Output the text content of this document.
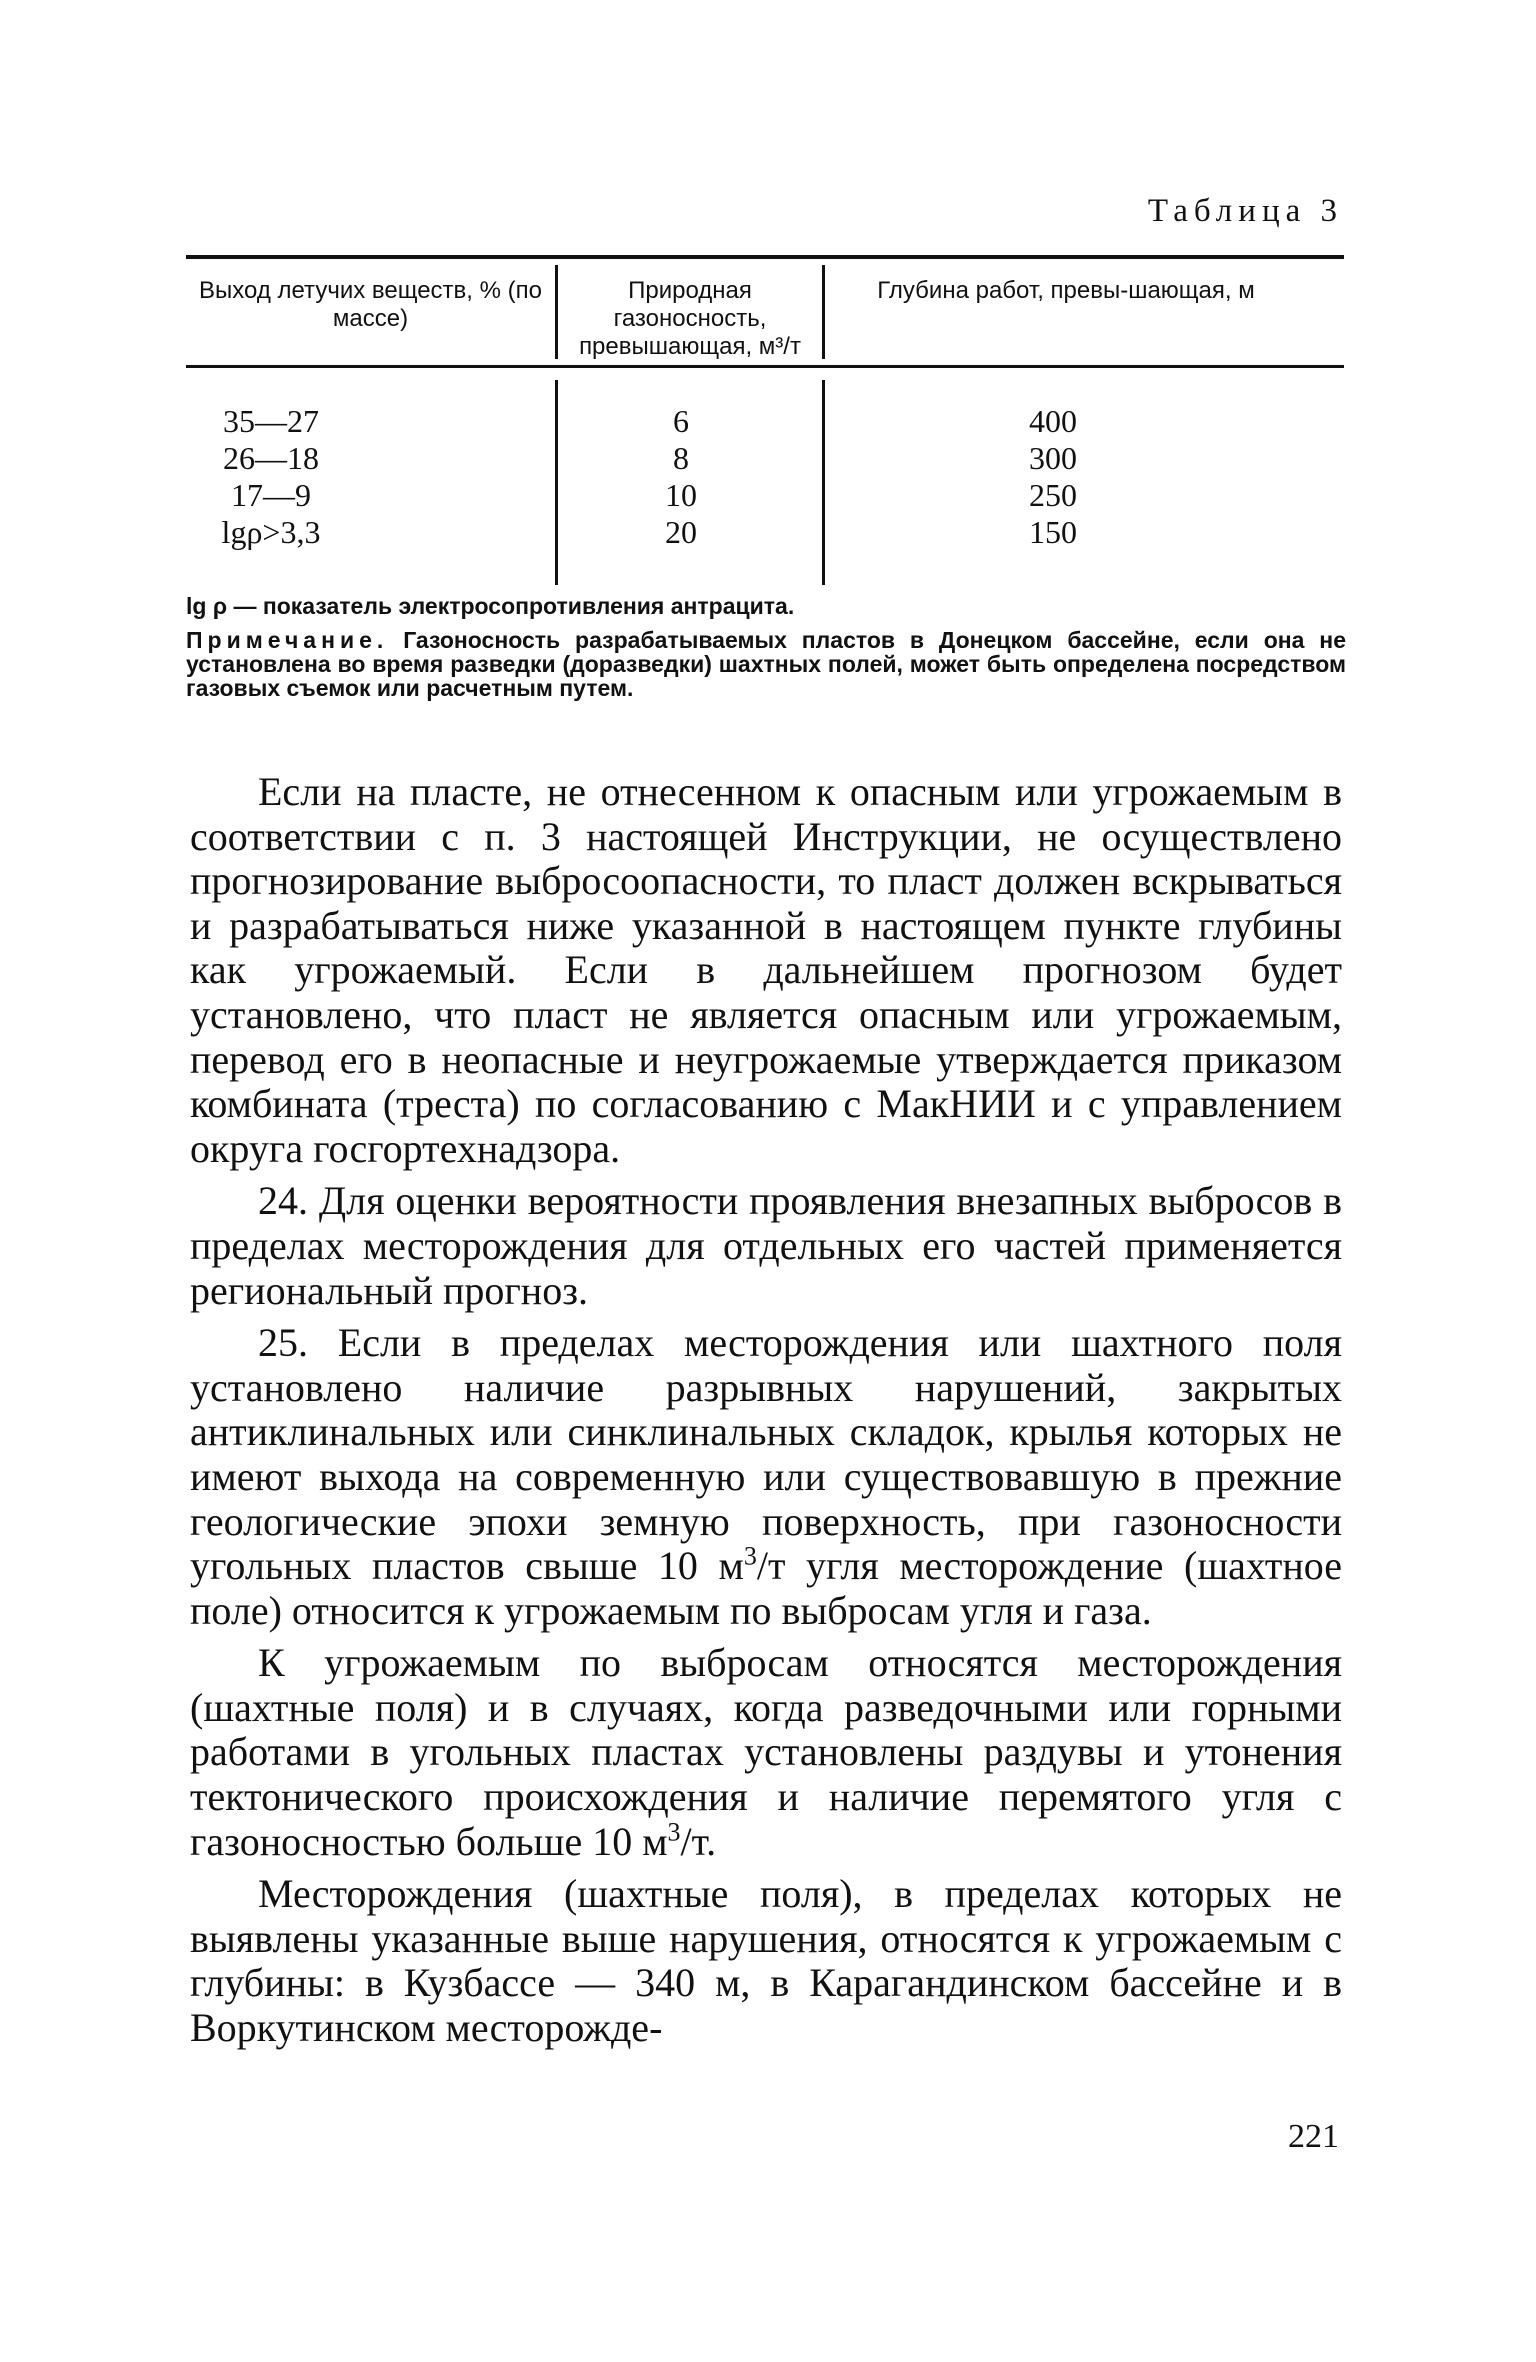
Таблица 3
Выход летучих веществ, % (по массе)
Природная газоносность, превышающая, м³/т
Глубина работ, превы-шающая, м
35—27
26—18
17—9
lgρ>3,3
6
8
10
20
400
300
250
150
lg ρ — показатель электросопротивления антрацита.
Примечание. Газоносность разрабатываемых пластов в Донецком бассейне, если она не установлена во время разведки (доразведки) шахтных полей, может быть определена посредством газовых съемок или расчетным путем.

Если на пласте, не отнесенном к опасным или угрожаемым в соответствии с п. 3 настоящей Инструкции, не осуществлено прогнозирование выбросоопасности, то пласт должен вскрываться и разрабатываться ниже указанной в настоящем пункте глубины как угрожаемый. Если в дальнейшем прогнозом будет установлено, что пласт не является опасным или угрожаемым, перевод его в неопасные и неугрожаемые утверждается приказом комбината (треста) по согласованию с МакНИИ и с управлением округа госгортехнадзора.

24. Для оценки вероятности проявления внезапных выбросов в пределах месторождения для отдельных его частей применяется региональный прогноз.

25. Если в пределах месторождения или шахтного поля установлено наличие разрывных нарушений, закрытых антиклинальных или синклинальных складок, крылья которых не имеют выхода на современную или существовавшую в прежние геологические эпохи земную поверхность, при газоносности угольных пластов свыше 10 $м^3/т$ угля месторождение (шахтное поле) относится к угрожаемым по выбросам угля и газа.

К угрожаемым по выбросам относятся месторождения (шахтные поля) и в случаях, когда разведочными или горными работами в угольных пластах установлены раздувы и утонения тектонического происхождения и наличие перемятого угля с газоносностью больше 10 $м^3/т$.

Месторождения (шахтные поля), в пределах которых не выявлены указанные выше нарушения, относятся к угрожаемым с глубины: в Кузбассе — 340 м, в Карагандинском бассейне и в Воркутинском месторожде-

221
